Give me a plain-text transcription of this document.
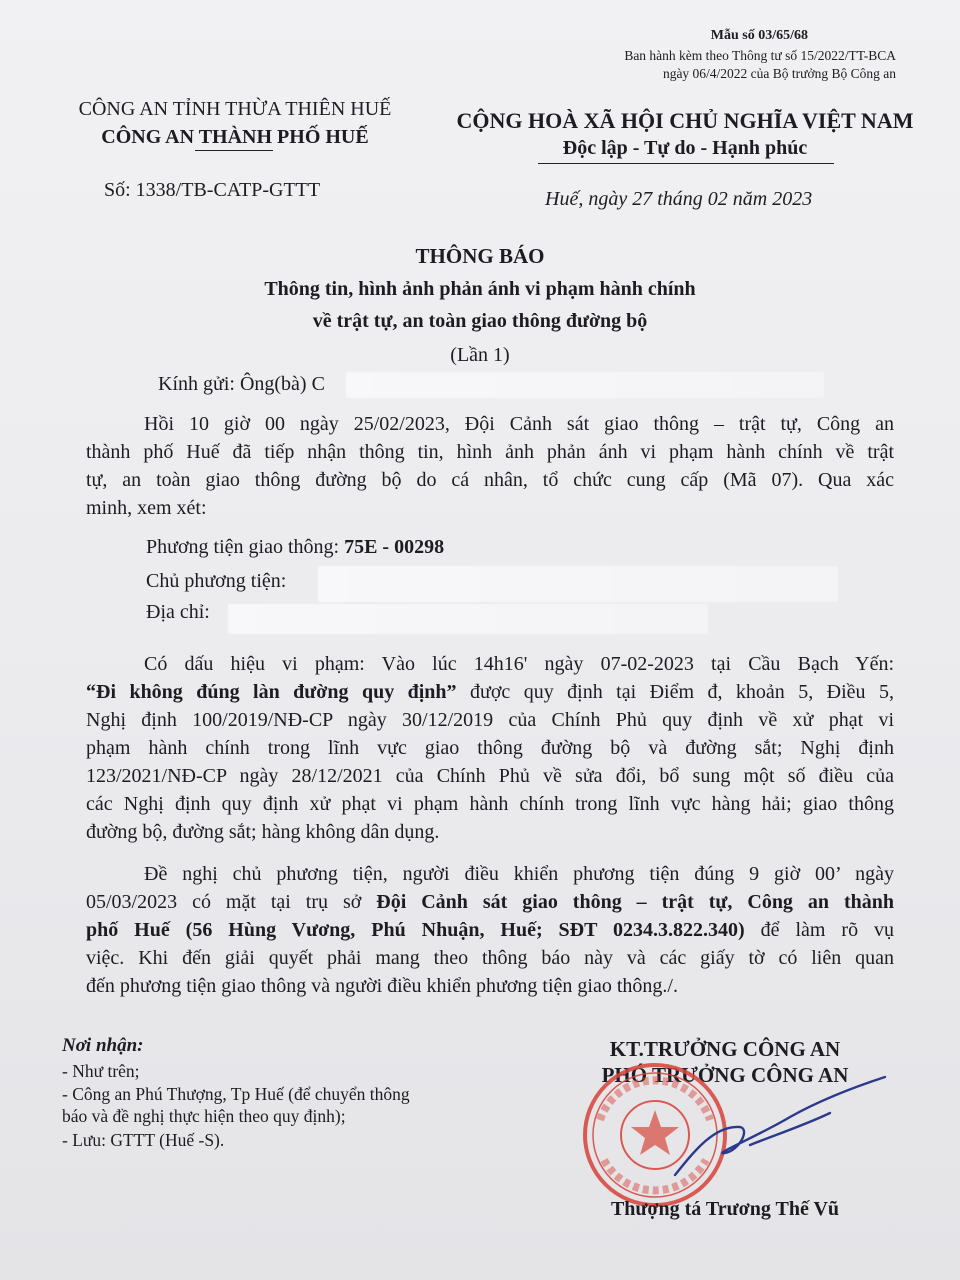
Mẫu số 03/65/68
Ban hành kèm theo Thông tư số 15/2022/TT-BCA
ngày 06/4/2022 của Bộ trưởng Bộ Công an
CÔNG AN TỈNH THỪA THIÊN HUẾ
CÔNG AN THÀNH PHỐ HUẾ
CỘNG HOÀ XÃ HỘI CHỦ NGHĨA VIỆT NAM
Độc lập - Tự do - Hạnh phúc
Số: 1338/TB-CATP-GTTT	Huế, ngày 27 tháng 02 năm 2023
THÔNG BÁO
Thông tin, hình ảnh phản ánh vi phạm hành chính
về trật tự, an toàn giao thông đường bộ
(Lần 1)
Kính gửi: Ông(bà) C
Hồi 10 giờ 00 ngày 25/02/2023, Đội Cảnh sát giao thông – trật tự, Công an
thành phố Huế đã tiếp nhận thông tin, hình ảnh phản ánh vi phạm hành chính về trật
tự, an toàn giao thông đường bộ do cá nhân, tổ chức cung cấp (Mã 07). Qua xác
minh, xem xét:
Phương tiện giao thông: 75E - 00298
Chủ phương tiện:
Địa chỉ:
Có dấu hiệu vi phạm: Vào lúc 14h16' ngày 07-02-2023 tại Cầu Bạch Yến:
“Đi không đúng làn đường quy định” được quy định tại Điểm đ, khoản 5, Điều 5,
Nghị định 100/2019/NĐ-CP ngày 30/12/2019 của Chính Phủ quy định về xử phạt vi
phạm hành chính trong lĩnh vực giao thông đường bộ và đường sắt; Nghị định
123/2021/NĐ-CP ngày 28/12/2021 của Chính Phủ về sửa đổi, bổ sung một số điều của
các Nghị định quy định xử phạt vi phạm hành chính trong lĩnh vực hàng hải; giao thông
đường bộ, đường sắt; hàng không dân dụng.
Đề nghị chủ phương tiện, người điều khiển phương tiện đúng 9 giờ 00’ ngày
05/03/2023 có mặt tại trụ sở Đội Cảnh sát giao thông – trật tự, Công an thành
phố Huế (56 Hùng Vương, Phú Nhuận, Huế; SĐT 0234.3.822.340) để làm rõ vụ
việc. Khi đến giải quyết phải mang theo thông báo này và các giấy tờ có liên quan
đến phương tiện giao thông và người điều khiển phương tiện giao thông./.
Nơi nhận:
- Như trên;
- Công an Phú Thượng, Tp Huế (để chuyển thông
báo và đề nghị thực hiện theo quy định);
- Lưu: GTTT (Huế -S).
KT.TRƯỞNG CÔNG AN
PHÓ TRƯỞNG CÔNG AN
Thượng tá Trương Thế Vũ
